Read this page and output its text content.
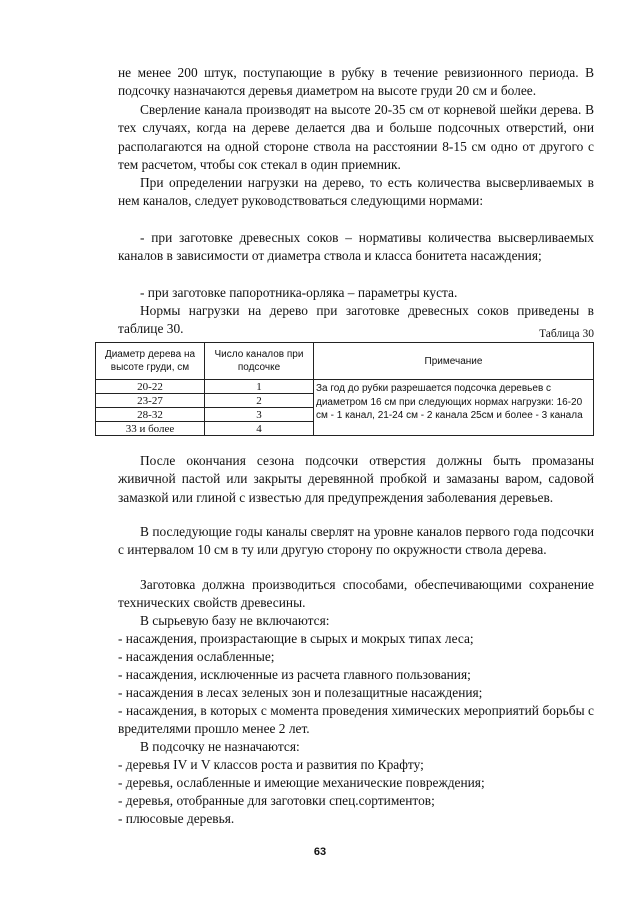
не менее 200 штук, поступающие в рубку в течение ревизионного периода. В подсочку назначаются деревья диаметром на высоте груди 20 см и более.

Сверление канала производят на высоте 20-35 см от корневой шейки дерева. В тех случаях, когда на дереве делается два и больше подсочных отверстий, они располагаются на одной стороне ствола на расстоянии 8-15 см одно от другого с тем расчетом, чтобы сок стекал в один приемник.

При определении нагрузки на дерево, то есть количества высверливаемых в нем каналов, следует руководствоваться следующими нормами:

- при заготовке древесных соков – нормативы количества высверливаемых каналов в зависимости от диаметра ствола и класса бонитета насаждения;

- при заготовке папоротника-орляка – параметры куста.

Нормы нагрузки на дерево при заготовке древесных соков приведены в таблице 30.	Таблица 30
Диаметр дерева на высоте груди, см	Число каналов при подсочке	Примечание
20-22	1	За год до рубки разрешается подсочка деревьев с диаметром 16 см при следующих нормах нагрузки: 16-20 см - 1 канал, 21-24 см - 2 канала 25см и более - 3 канала
23-27	2	
28-32	3	
33 и более	4	

После окончания сезона подсочки отверстия должны быть промазаны живичной пастой или закрыты деревянной пробкой и замазаны варом, садовой замазкой или глиной с известью для предупреждения заболевания деревьев.

В последующие годы каналы сверлят на уровне каналов первого года подсочки с интервалом 10 см в ту или другую сторону по окружности ствола дерева.

Заготовка должна производиться способами, обеспечивающими сохранение технических свойств древесины.

В сырьевую базу не включаются:

- насаждения, произрастающие в сырых и мокрых типах леса;

- насаждения ослабленные;

- насаждения, исключенные из расчета главного пользования;

- насаждения в лесах зеленых зон и полезащитные насаждения;

- насаждения, в которых с момента проведения химических мероприятий борьбы с вредителями прошло менее 2 лет.

В подсочку не назначаются:

- деревья IV и V классов роста и развития по Крафту;

- деревья, ослабленные и имеющие механические повреждения;

- деревья, отобранные для заготовки спец.сортиментов;

- плюсовые деревья.

63
